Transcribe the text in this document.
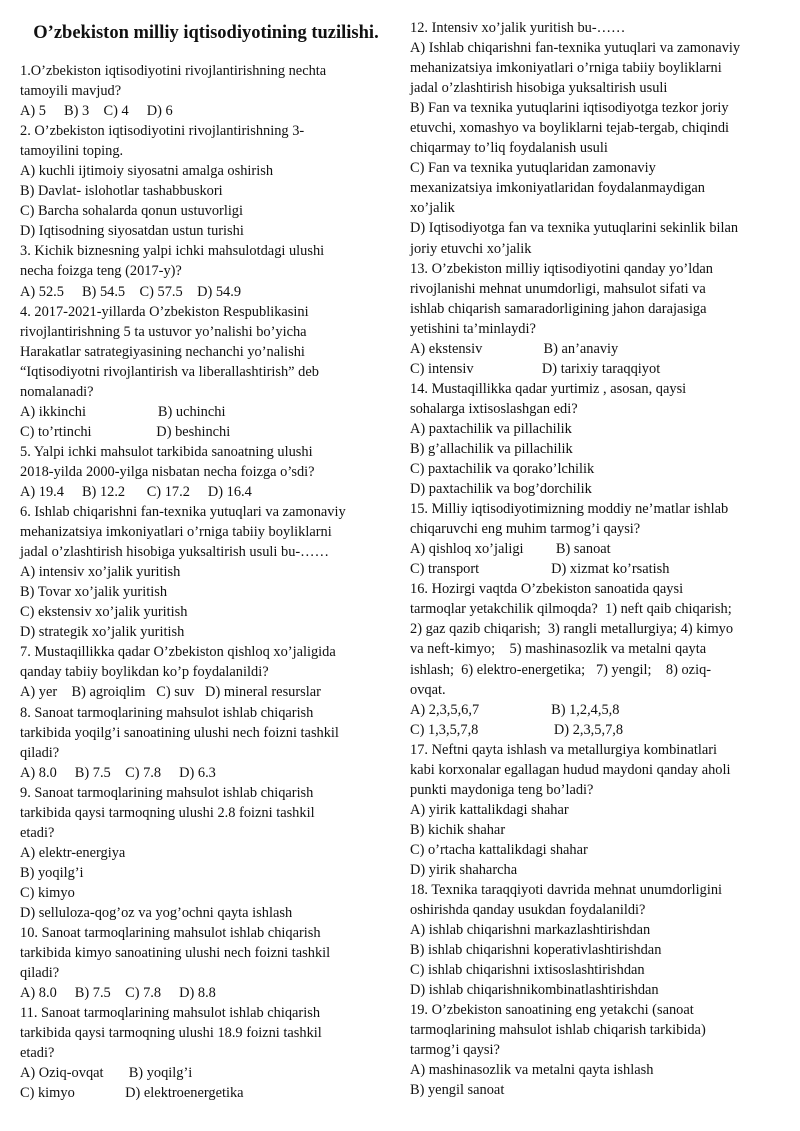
O’zbekiston milliy iqtisodiyotining tuzilishi.
1.O’zbekiston iqtisodiyotini rivojlantirishning nechta
tamoyili mavjud?
A) 5     B) 3    C) 4     D) 6
2. O’zbekiston iqtisodiyotini rivojlantirishning 3-
tamoyilini toping.
A) kuchli ijtimoiy siyosatni amalga oshirish
B) Davlat- islohotlar tashabbuskori
C) Barcha sohalarda qonun ustuvorligi
D) Iqtisodning siyosatdan ustun turishi
3. Kichik biznesning yalpi ichki mahsulotdagi ulushi
necha foizga teng (2017-y)?
A) 52.5     B) 54.5    C) 57.5    D) 54.9
4. 2017-2021-yillarda O’zbekiston Respublikasini
rivojlantirishning 5 ta ustuvor yo’nalishi bo’yicha
Harakatlar satrategiyasining nechanchi yo’nalishi
“Iqtisodiyotni rivojlantirish va liberallashtirish” deb
nomalanadi?
A) ikkinchi                    B) uchinchi
C) to’rtinchi                  D) beshinchi
5. Yalpi ichki mahsulot tarkibida sanoatning ulushi
2018-yilda 2000-yilga nisbatan necha foizga o’sdi?
A) 19.4     B) 12.2      C) 17.2     D) 16.4
6. Ishlab chiqarishni fan-texnika yutuqlari va zamonaviy
mehanizatsiya imkoniyatlari o’rniga tabiiy boyliklarni
jadal o’zlashtirish hisobiga yuksaltirish usuli bu-……
A) intensiv xo’jalik yuritish
B) Tovar xo’jalik yuritish
C) ekstensiv xo’jalik yuritish
D) strategik xo’jalik yuritish
7. Mustaqillikka qadar O’zbekiston qishloq xo’jaligida
qanday tabiiy boylikdan ko’p foydalanildi?
A) yer    B) agroiqlim   C) suv   D) mineral resurslar
8. Sanoat tarmoqlarining mahsulot ishlab chiqarish
tarkibida yoqilg’i sanoatining ulushi nech foizni tashkil
qiladi?
A) 8.0     B) 7.5    C) 7.8     D) 6.3
9. Sanoat tarmoqlarining mahsulot ishlab chiqarish
tarkibida qaysi tarmoqning ulushi 2.8 foizni tashkil
etadi?
A) elektr-energiya
B) yoqilg’i
C) kimyo
D) selluloza-qog’oz va yog’ochni qayta ishlash
10. Sanoat tarmoqlarining mahsulot ishlab chiqarish
tarkibida kimyo sanoatining ulushi nech foizni tashkil
qiladi?
A) 8.0     B) 7.5    C) 7.8     D) 8.8
11. Sanoat tarmoqlarining mahsulot ishlab chiqarish
tarkibida qaysi tarmoqning ulushi 18.9 foizni tashkil
etadi?
A) Oziq-ovqat       B) yoqilg’i
C) kimyo              D) elektroenergetika
12. Intensiv xo’jalik yuritish bu-……
A) Ishlab chiqarishni fan-texnika yutuqlari va zamonaviy
mehanizatsiya imkoniyatlari o’rniga tabiiy boyliklarni
jadal o’zlashtirish hisobiga yuksaltirish usuli
B) Fan va texnika yutuqlarini iqtisodiyotga tezkor joriy
etuvchi, xomashyo va boyliklarni tejab-tergab, chiqindi
chiqarmay to’liq foydalanish usuli
C) Fan va texnika yutuqlaridan zamonaviy
mexanizatsiya imkoniyatlaridan foydalanmaydigan
xo’jalik
D) Iqtisodiyotga fan va texnika yutuqlarini sekinlik bilan
joriy etuvchi xo’jalik
13. O’zbekiston milliy iqtisodiyotini qanday yo’ldan
rivojlanishi mehnat unumdorligi, mahsulot sifati va
ishlab chiqarish samaradorligining jahon darajasiga
yetishini ta’minlaydi?
A) ekstensiv                 B) an’anaviy
C) intensiv                   D) tarixiy taraqqiyot
14. Mustaqillikka qadar yurtimiz , asosan, qaysi
sohalarga ixtisoslashgan edi?
A) paxtachilik va pillachilik
B) g’allachilik va pillachilik
C) paxtachilik va qorako’lchilik
D) paxtachilik va bog’dorchilik
15. Milliy iqtisodiyotimizning moddiy ne’matlar ishlab
chiqaruvchi eng muhim tarmog’i qaysi?
A) qishloq xo’jaligi         B) sanoat
C) transport                    D) xizmat ko’rsatish
16. Hozirgi vaqtda O’zbekiston sanoatida qaysi
tarmoqlar yetakchilik qilmoqda?  1) neft qaib chiqarish;
2) gaz qazib chiqarish;  3) rangli metallurgiya; 4) kimyo
va neft-kimyo;    5) mashinasozlik va metalni qayta
ishlash;  6) elektro-energetika;   7) yengil;    8) oziq-
ovqat.
A) 2,3,5,6,7                    B) 1,2,4,5,8
C) 1,3,5,7,8                     D) 2,3,5,7,8
17. Neftni qayta ishlash va metallurgiya kombinatlari
kabi korxonalar egallagan hudud maydoni qanday aholi
punkti maydoniga teng bo’ladi?
A) yirik kattalikdagi shahar
B) kichik shahar
C) o’rtacha kattalikdagi shahar
D) yirik shaharcha
18. Texnika taraqqiyoti davrida mehnat unumdorligini
oshirishda qanday usukdan foydalanildi?
A) ishlab chiqarishni markazlashtirishdan
B) ishlab chiqarishni koperativlashtirishdan
C) ishlab chiqarishni ixtisoslashtirishdan
D) ishlab chiqarishnikombinatlashtirishdan
19. O’zbekiston sanoatining eng yetakchi (sanoat
tarmoqlarining mahsulot ishlab chiqarish tarkibida)
tarmog’i qaysi?
A) mashinasozlik va metalni qayta ishlash
B) yengil sanoat
